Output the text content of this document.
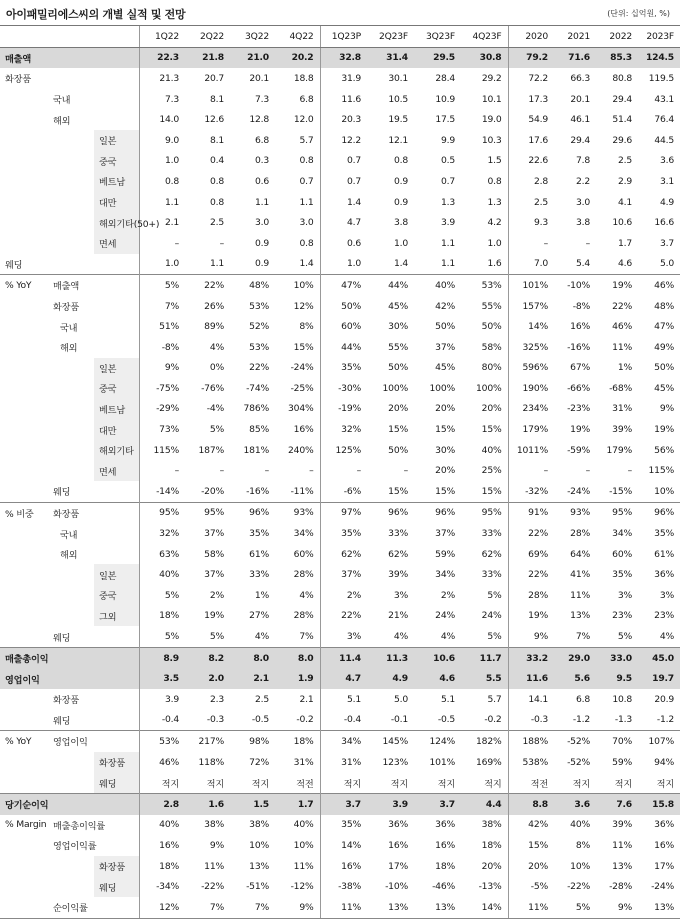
아이패밀리에스씨의 개별 실적 및 전망	(단위: 십억원, %)
			1Q22	2Q22	3Q22	4Q22	1Q23P	2Q23F	3Q23F	4Q23F	2020	2021	2022	2023F
매출액			22.3	21.8	21.0	20.2	32.8	31.4	29.5	30.8	79.2	71.6	85.3	124.5
화장품			21.3	20.7	20.1	18.8	31.9	30.1	28.4	29.2	72.2	66.3	80.8	119.5
	국내		7.3	8.1	7.3	6.8	11.6	10.5	10.9	10.1	17.3	20.1	29.4	43.1
	해외		14.0	12.6	12.8	12.0	20.3	19.5	17.5	19.0	54.9	46.1	51.4	76.4
		일본	9.0	8.1	6.8	5.7	12.2	12.1	9.9	10.3	17.6	29.4	29.6	44.5
		중국	1.0	0.4	0.3	0.8	0.7	0.8	0.5	1.5	22.6	7.8	2.5	3.6
		베트남	0.8	0.8	0.6	0.7	0.7	0.9	0.7	0.8	2.8	2.2	2.9	3.1
		대만	1.1	0.8	1.1	1.1	1.4	0.9	1.3	1.3	2.5	3.0	4.1	4.9
		해외기타(50+)	2.1	2.5	3.0	3.0	4.7	3.8	3.9	4.2	9.3	3.8	10.6	16.6
		면세	–	–	0.9	0.8	0.6	1.0	1.1	1.0	–	–	1.7	3.7
웨딩			1.0	1.1	0.9	1.4	1.0	1.4	1.1	1.6	7.0	5.4	4.6	5.0
% YoY	매출액		5%	22%	48%	10%	47%	44%	40%	53%	101%	-10%	19%	46%
	화장품		7%	26%	53%	12%	50%	45%	42%	55%	157%	-8%	22%	48%
	국내		51%	89%	52%	8%	60%	30%	50%	50%	14%	16%	46%	47%
	해외		-8%	4%	53%	15%	44%	55%	37%	58%	325%	-16%	11%	49%
		일본	9%	0%	22%	-24%	35%	50%	45%	80%	596%	67%	1%	50%
		중국	-75%	-76%	-74%	-25%	-30%	100%	100%	100%	190%	-66%	-68%	45%
		베트남	-29%	-4%	786%	304%	-19%	20%	20%	20%	234%	-23%	31%	9%
		대만	73%	5%	85%	16%	32%	15%	15%	15%	179%	19%	39%	19%
		해외기타	115%	187%	181%	240%	125%	50%	30%	40%	1011%	-59%	179%	56%
		면세	–	–	–	–	–	–	20%	25%	–	–	–	115%
	웨딩		-14%	-20%	-16%	-11%	-6%	15%	15%	15%	-32%	-24%	-15%	10%
% 비중	화장품		95%	95%	96%	93%	97%	96%	96%	95%	91%	93%	95%	96%
	국내		32%	37%	35%	34%	35%	33%	37%	33%	22%	28%	34%	35%
	해외		63%	58%	61%	60%	62%	62%	59%	62%	69%	64%	60%	61%
		일본	40%	37%	33%	28%	37%	39%	34%	33%	22%	41%	35%	36%
		중국	5%	2%	1%	4%	2%	3%	2%	5%	28%	11%	3%	3%
		그외	18%	19%	27%	28%	22%	21%	24%	24%	19%	13%	23%	23%
	웨딩		5%	5%	4%	7%	3%	4%	4%	5%	9%	7%	5%	4%
매출총이익			8.9	8.2	8.0	8.0	11.4	11.3	10.6	11.7	33.2	29.0	33.0	45.0
영업이익			3.5	2.0	2.1	1.9	4.7	4.9	4.6	5.5	11.6	5.6	9.5	19.7
	화장품		3.9	2.3	2.5	2.1	5.1	5.0	5.1	5.7	14.1	6.8	10.8	20.9
	웨딩		-0.4	-0.3	-0.5	-0.2	-0.4	-0.1	-0.5	-0.2	-0.3	-1.2	-1.3	-1.2
% YoY	영업이익		53%	217%	98%	18%	34%	145%	124%	182%	188%	-52%	70%	107%
		화장품	46%	118%	72%	31%	31%	123%	101%	169%	538%	-52%	59%	94%
		웨딩	적지	적지	적지	적전	적지	적지	적지	적지	적전	적지	적지	적지
당기순이익			2.8	1.6	1.5	1.7	3.7	3.9	3.7	4.4	8.8	3.6	7.6	15.8
% Margin	매출총이익률		40%	38%	38%	40%	35%	36%	36%	38%	42%	40%	39%	36%
	영업이익률		16%	9%	10%	10%	14%	16%	16%	18%	15%	8%	11%	16%
		화장품	18%	11%	13%	11%	16%	17%	18%	20%	20%	10%	13%	17%
		웨딩	-34%	-22%	-51%	-12%	-38%	-10%	-46%	-13%	-5%	-22%	-28%	-24%
	순이익률		12%	7%	7%	9%	11%	13%	13%	14%	11%	5%	9%	13%
